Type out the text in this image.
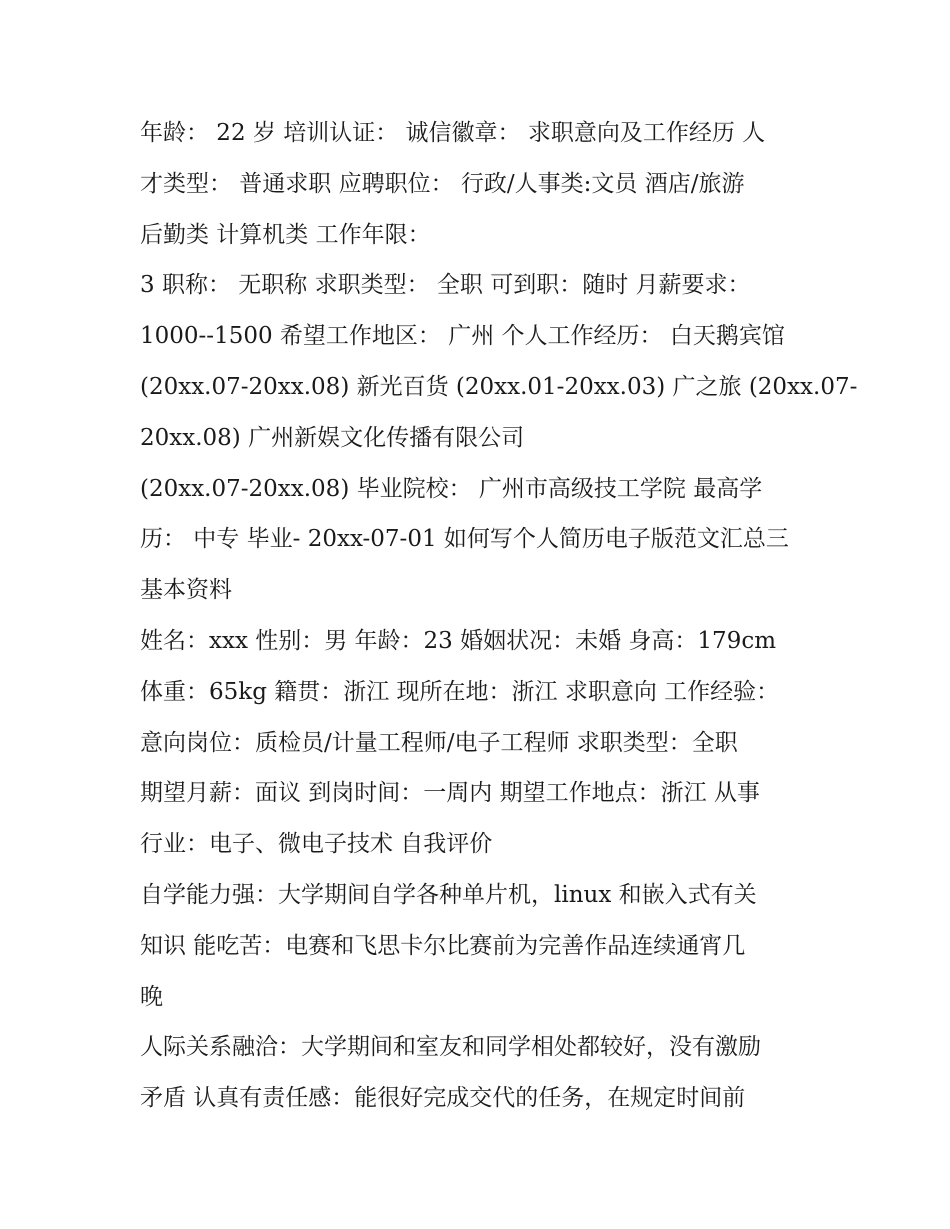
年龄： 22 岁 培训认证： 诚信徽章： 求职意向及工作经历 人
才类型： 普通求职 应聘职位： 行政/人事类:文员 酒店/旅游
后勤类 计算机类 工作年限：
3 职称： 无职称 求职类型： 全职 可到职：随时 月薪要求：
1000--1500 希望工作地区： 广州 个人工作经历： 白天鹅宾馆
(20xx.07-20xx.08) 新光百货 (20xx.01-20xx.03) 广之旅 (20xx.07-
20xx.08) 广州新娱文化传播有限公司
(20xx.07-20xx.08) 毕业院校： 广州市高级技工学院 最高学
历： 中专 毕业- 20xx-07-01 如何写个人简历电子版范文汇总三
基本资料
姓名：xxx 性别：男 年龄：23 婚姻状况：未婚 身高：179cm
体重：65kg 籍贯：浙江 现所在地：浙江 求职意向 工作经验：
意向岗位：质检员/计量工程师/电子工程师 求职类型：全职
期望月薪：面议 到岗时间：一周内 期望工作地点：浙江 从事
行业：电子、微电子技术 自我评价
自学能力强：大学期间自学各种单片机，linux 和嵌入式有关
知识 能吃苦：电赛和飞思卡尔比赛前为完善作品连续通宵几
晚
人际关系融洽：大学期间和室友和同学相处都较好，没有激励
矛盾 认真有责任感：能很好完成交代的任务，在规定时间前
